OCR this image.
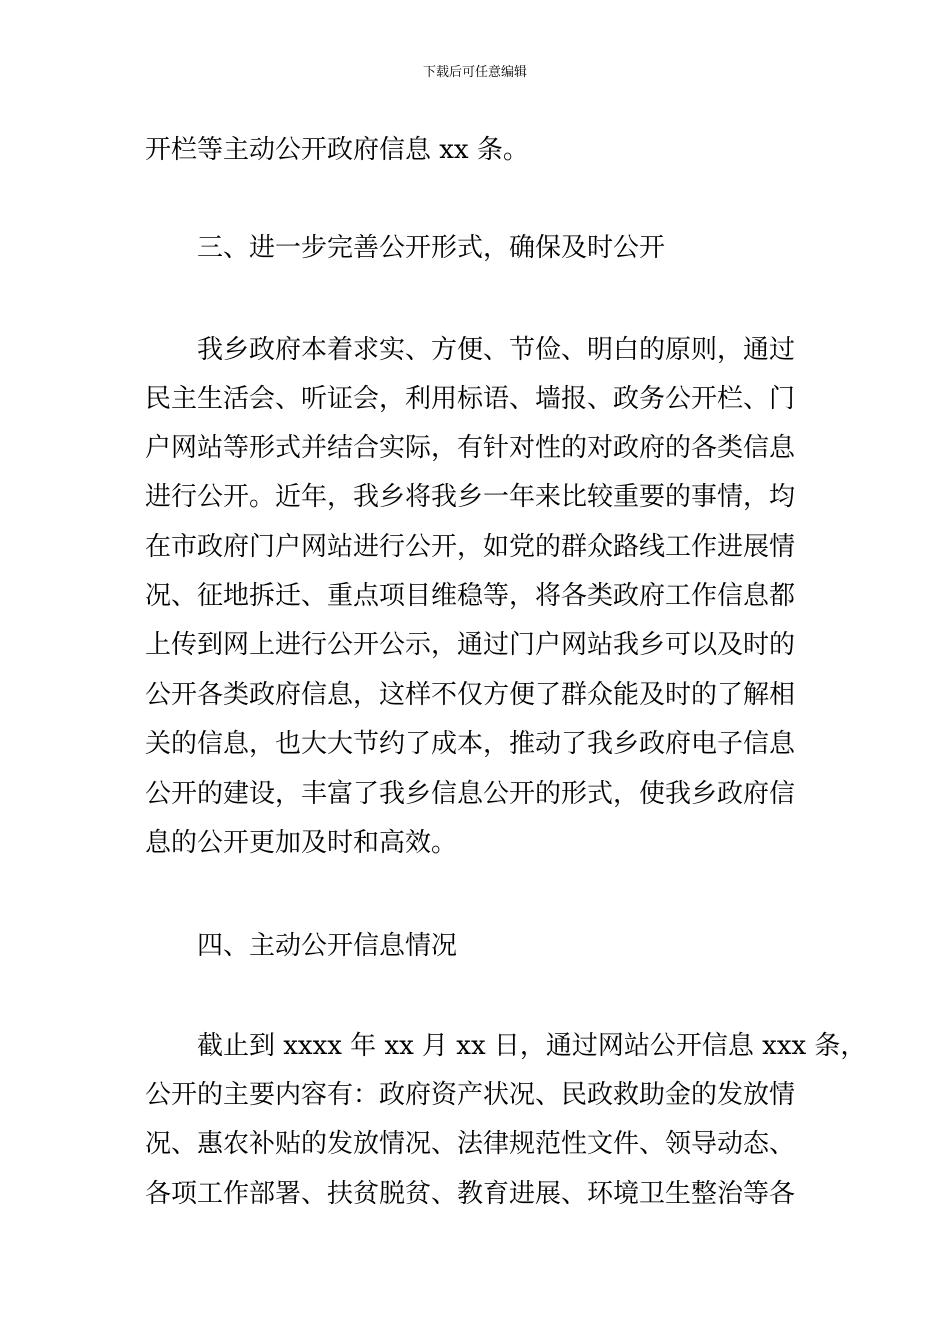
下载后可任意编辑
开栏等主动公开政府信息 xx 条。
三、进一步完善公开形式，确保及时公开
我乡政府本着求实、方便、节俭、明白的原则，通过
民主生活会、听证会，利用标语、墙报、政务公开栏、门
户网站等形式并结合实际，有针对性的对政府的各类信息
进行公开。近年，我乡将我乡一年来比较重要的事情，均
在市政府门户网站进行公开，如党的群众路线工作进展情
况、征地拆迁、重点项目维稳等，将各类政府工作信息都
上传到网上进行公开公示，通过门户网站我乡可以及时的
公开各类政府信息，这样不仅方便了群众能及时的了解相
关的信息，也大大节约了成本，推动了我乡政府电子信息
公开的建设，丰富了我乡信息公开的形式，使我乡政府信
息的公开更加及时和高效。
四、主动公开信息情况
截止到 xxxx 年 xx 月 xx 日，通过网站公开信息 xxx 条，
公开的主要内容有：政府资产状况、民政救助金的发放情
况、惠农补贴的发放情况、法律规范性文件、领导动态、
各项工作部署、扶贫脱贫、教育进展、环境卫生整治等各
